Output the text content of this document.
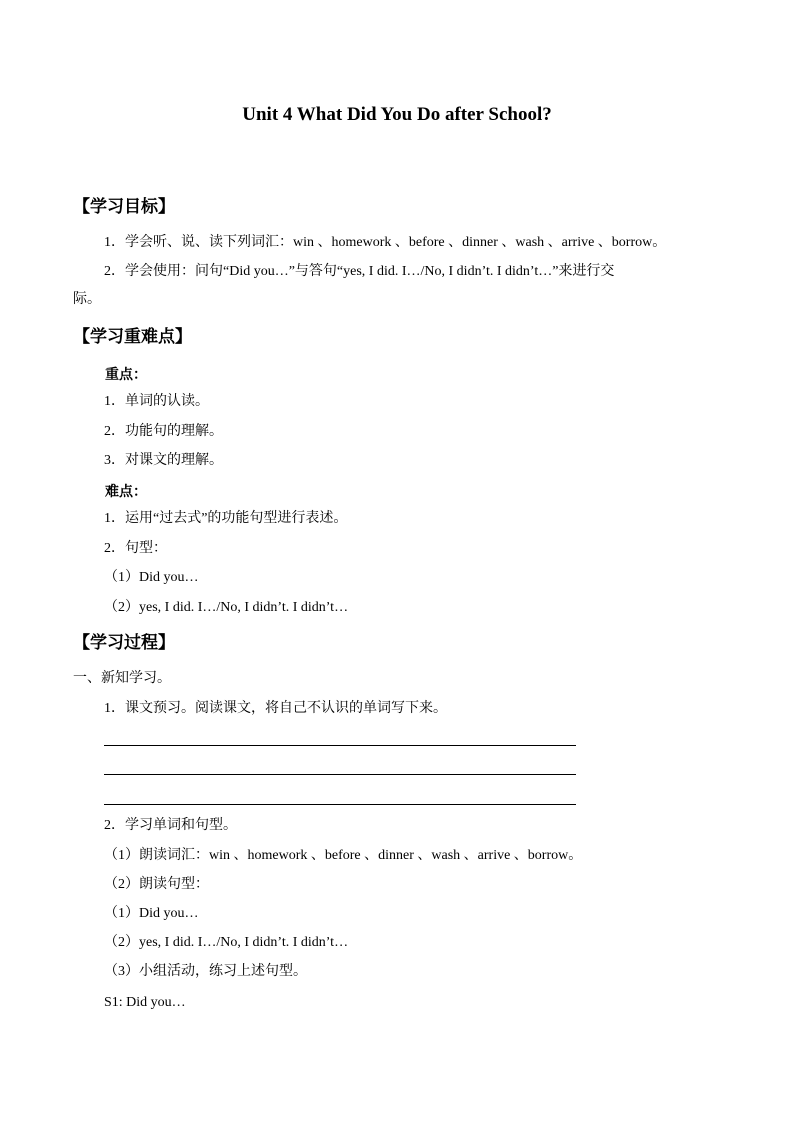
Unit 4 What Did You Do after School?
【学习目标】
1．学会听、说、读下列词汇：win 、homework 、before 、dinner 、wash 、arrive 、borrow。
2．学会使用：问句“Did you…”与答句“yes, I did. I…/No, I didn’t. I didn’t…”来进行交
际。
【学习重难点】
重点：
1．单词的认读。
2．功能句的理解。
3．对课文的理解。
难点：
1．运用“过去式”的功能句型进行表述。
2．句型：
（1）Did you…
（2）yes, I did. I…/No, I didn’t. I didn’t…
【学习过程】
一、新知学习。
1．课文预习。阅读课文，将自己不认识的单词写下来。
2．学习单词和句型。
（1）朗读词汇：win 、homework 、before 、dinner 、wash 、arrive 、borrow。
（2）朗读句型：
（1）Did you…
（2）yes, I did. I…/No, I didn’t. I didn’t…
（3）小组活动，练习上述句型。
S1: Did you…
